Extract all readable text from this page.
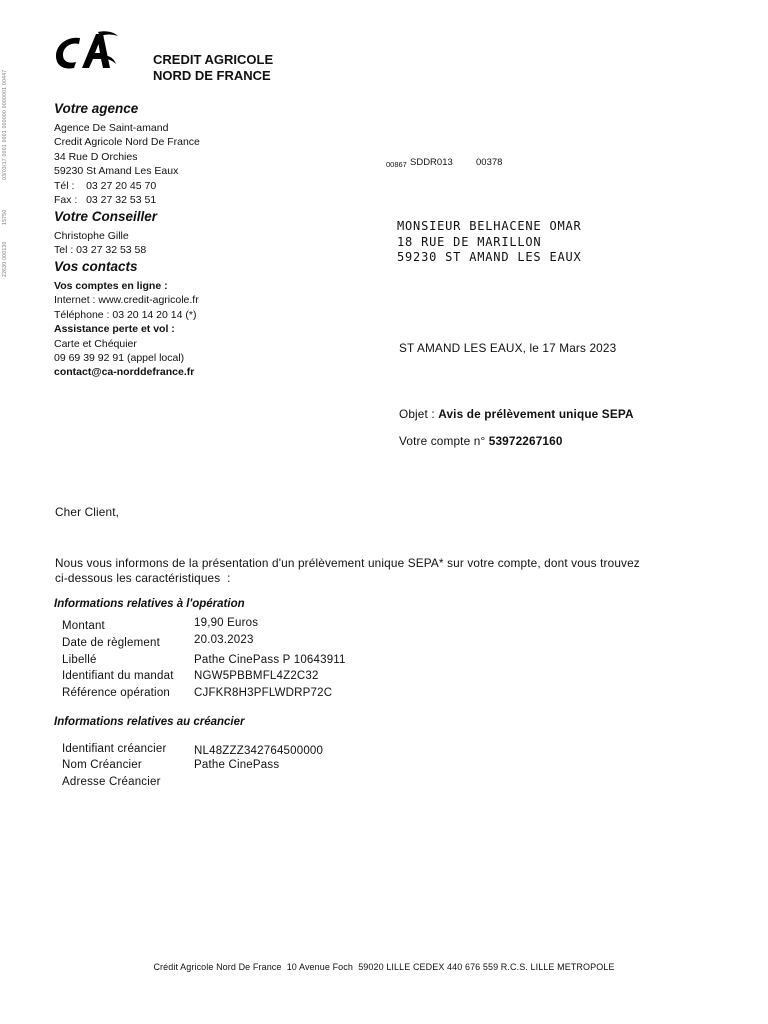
03/03/17 0001 0001 000000 0000001 00447
15750
22630 000130
CREDIT AGRICOLE
NORD DE FRANCE
Votre agence
Agence De Saint-amand
Credit Agricole Nord De France
34 Rue D Orchies
59230 St Amand Les Eaux
Tél :    03 27 20 45 70
Fax :   03 27 32 53 51
Votre Conseiller
Christophe Gille
Tel : 03 27 32 53 58
Vos contacts
Vos comptes en ligne :
Internet : www.credit-agricole.fr
Téléphone : 03 20 14 20 14 (*)
Assistance perte et vol :
Carte et Chéquier
09 69 39 92 91 (appel local)
contact@ca-norddefrance.fr
00867 SDDR013 00378
MONSIEUR BELHACENE OMAR
18 RUE DE MARILLON
59230 ST AMAND LES EAUX
ST AMAND LES EAUX, le 17 Mars 2023
Objet : Avis de prélèvement unique SEPA
Votre compte n° 53972267160
Cher Client,
Nous vous informons de la présentation d'un prélèvement unique SEPA* sur votre compte, dont vous trouvez
ci-dessous les caractéristiques  :
Informations relatives à l'opération
Montant	19,90 Euros
Date de règlement	20.03.2023
Libellé	Pathe CinePass P 10643911
Identifiant du mandat NGW5PBBMFL4Z2C32
Référence opération CJFKR8H3PFLWDRP72C
Informations relatives au créancier
Identifiant créancier NL48ZZZ342764500000
Nom Créancier	Pathe CinePass
Adresse Créancier
Crédit Agricole Nord De France  10 Avenue Foch  59020 LILLE CEDEX 440 676 559 R.C.S. LILLE METROPOLE
